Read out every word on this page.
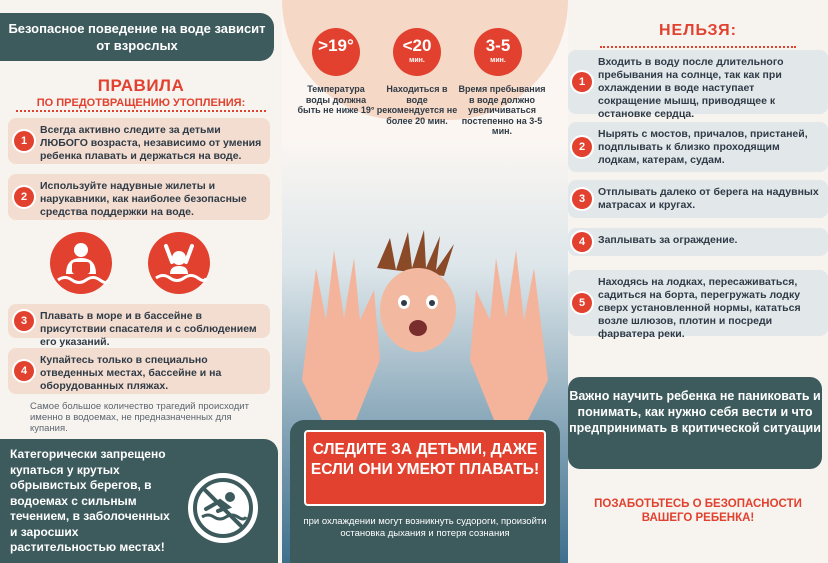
Безопасное поведение на воде зависит от взрослых
ПРАВИЛА
ПО ПРЕДОТВРАЩЕНИЮ УТОПЛЕНИЯ:
1
Всегда активно следите за детьми ЛЮБОГО возраста, независимо от умения ребенка плавать и держаться на воде.
2
Используйте надувные жилеты и нарукавники, как наиболее безопасные средства поддержки на воде.
3	Плавать в море и в бассейне в присутствии спасателя и с соблюдением его указаний.
4
Купайтесь только в специально отведенных местах, бассейне и на оборудованных пляжах.
Самое большое количество трагедий происходит именно в водоемах, не предназначенных для купания.
Категорически запрещено купаться у крутых обрывистых берегов, в водоемах с сильным течением, в заболоченных и заросших растительностью местах!
>19°	<20
мин.
3-5
мин.
Температура воды должна быть не ниже 19°
Находиться в воде рекомендуется не более 20 мин.
Время пребывания в воде должно увеличиваться постепенно на 3-5 мин.
СЛЕДИТЕ ЗА ДЕТЬМИ, ДАЖЕ ЕСЛИ ОНИ УМЕЮТ ПЛАВАТЬ!
при охлаждении могут возникнуть судороги, произойти остановка дыхания и потеря сознания
НЕЛЬЗЯ:
1
Входить в воду после длительного пребывания на солнце, так как при охлаждении в воде наступает сокращение мышц, приводящее к остановке сердца.
2
Нырять с мостов, причалов, пристаней, подплывать к близко проходящим лодкам, катерам, судам.
3
Отплывать далеко от берега на надувных матрасах и кругах.
4	Заплывать за ограждение.
5
Находясь на лодках, пересаживаться, садиться на борта, перегружать лодку сверх установленной нормы, кататься возле шлюзов, плотин и посреди фарватера реки.
Важно научить ребенка не паниковать и понимать, как нужно себя вести и что предпринимать в критической ситуации
ПОЗАБОТЬТЕСЬ О БЕЗОПАСНОСТИ ВАШЕГО РЕБЕНКА!
